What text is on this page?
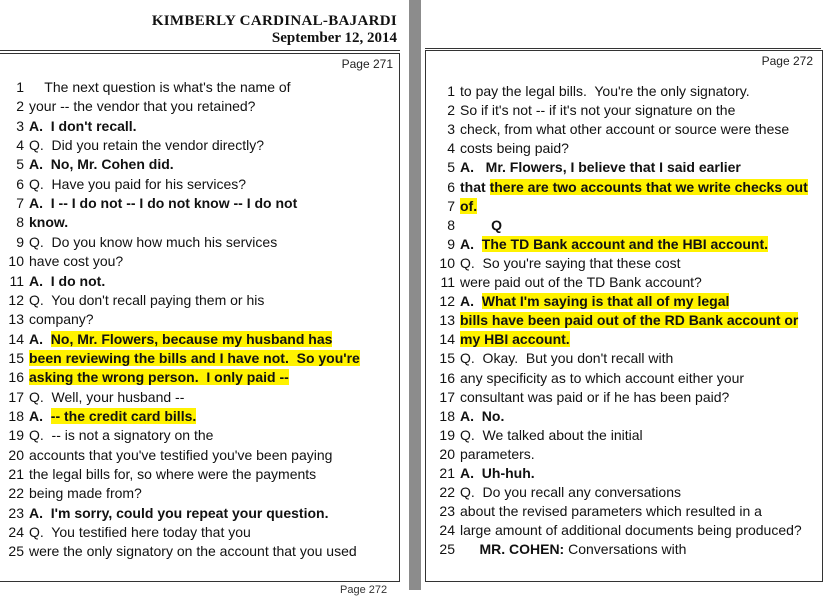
KIMBERLY CARDINAL-BAJARDI
September 12, 2014
Page 271
1 The next question is what's the name of
2 your -- the vendor that you retained?
3 A.  I don't recall.
4 Q.  Did you retain the vendor directly?
5 A.  No, Mr. Cohen did.
6 Q.  Have you paid for his services?
7 A.  I -- I do not -- I do not know -- I do not
8 know.
9 Q.  Do you know how much his services
10 have cost you?
11 A.  I do not.
12 Q.  You don't recall paying them or his
13 company?
14 A.  No, Mr. Flowers, because my husband has
15 been reviewing the bills and I have not.  So you're
16 asking the wrong person.  I only paid --
17 Q.  Well, your husband --
18 A.  -- the credit card bills.
19 Q.  -- is not a signatory on the
20 accounts that you've testified you've been paying
21 the legal bills for, so where were the payments
22 being made from?
23 A.  I'm sorry, could you repeat your question.
24 Q.  You testified here today that you
25 were the only signatory on the account that you used
Page 272
Page 272
1 to pay the legal bills.  You're the only signatory.
2 So if it's not -- if it's not your signature on the
3 check, from what other account or source were these
4 costs being paid?
5 A.   Mr. Flowers, I believe that I said earlier
6 that there are two accounts that we write checks out
7 of.
8 Q
9 A.  The TD Bank account and the HBI account.
10 Q.  So you're saying that these cost
11 were paid out of the TD Bank account?
12 A.  What I'm saying is that all of my legal
13 bills have been paid out of the RD Bank account or
14 my HBI account.
15 Q.  Okay.  But you don't recall with
16 any specificity as to which account either your
17 consultant was paid or if he has been paid?
18 A.  No.
19 Q.  We talked about the initial
20 parameters.
21 A.  Uh-huh.
22 Q.  Do you recall any conversations
23 about the revised parameters which resulted in a
24 large amount of additional documents being produced?
25 MR. COHEN: Conversations with
